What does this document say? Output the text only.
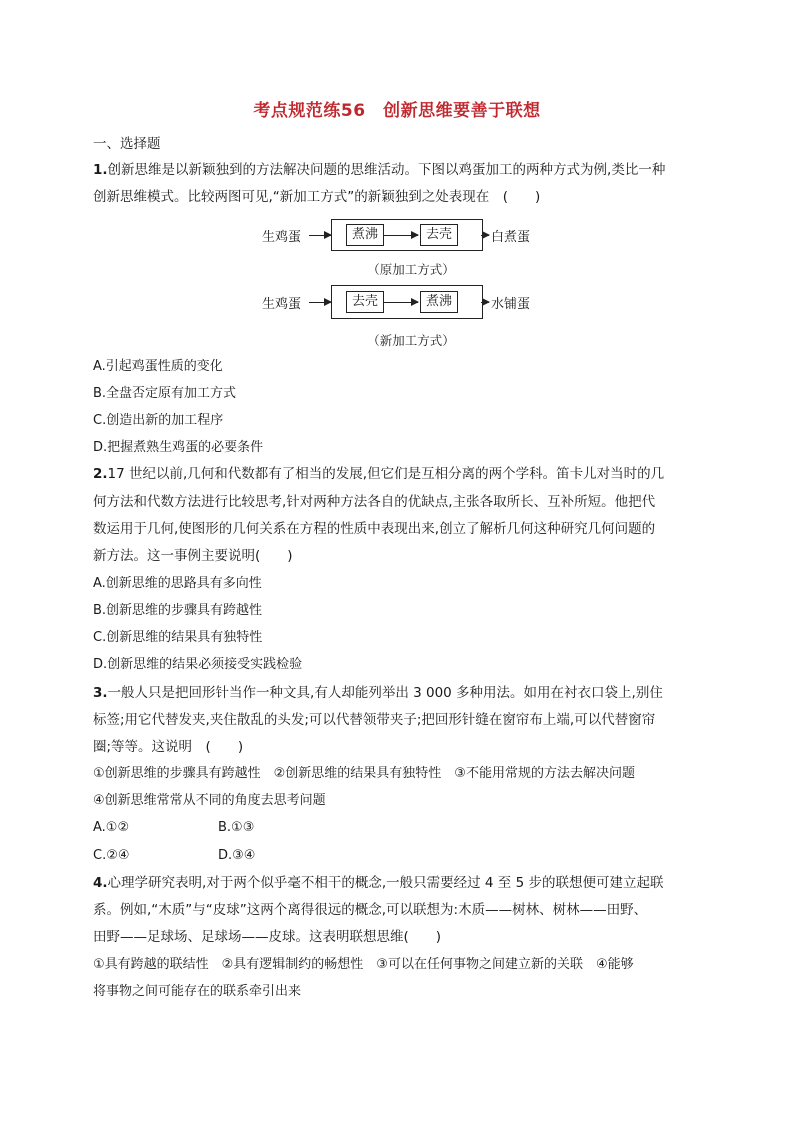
考点规范练56　创新思维要善于联想
一、选择题
1.创新思维是以新颖独到的方法解决问题的思维活动。下图以鸡蛋加工的两种方式为例,类比一种
创新思维模式。比较两图可见,“新加工方式”的新颖独到之处表现在　(　　)
生鸡蛋	煮沸	去壳	白煮蛋
（原加工方式）
生鸡蛋	去壳	煮沸	水铺蛋
（新加工方式）
A.引起鸡蛋性质的变化
B.全盘否定原有加工方式
C.创造出新的加工程序
D.把握煮熟生鸡蛋的必要条件
2.17 世纪以前,几何和代数都有了相当的发展,但它们是互相分离的两个学科。笛卡儿对当时的几
何方法和代数方法进行比较思考,针对两种方法各自的优缺点,主张各取所长、互补所短。他把代
数运用于几何,使图形的几何关系在方程的性质中表现出来,创立了解析几何这种研究几何问题的
新方法。这一事例主要说明(　　)
A.创新思维的思路具有多向性
B.创新思维的步骤具有跨越性
C.创新思维的结果具有独特性
D.创新思维的结果必须接受实践检验
3.一般人只是把回形针当作一种文具,有人却能列举出 3 000 多种用法。如用在衬衣口袋上,别住
标签;用它代替发夹,夹住散乱的头发;可以代替领带夹子;把回形针缝在窗帘布上端,可以代替窗帘
圈;等等。这说明　(　　)
①创新思维的步骤具有跨越性　②创新思维的结果具有独特性　③不能用常规的方法去解决问题
④创新思维常常从不同的角度去思考问题
A.①②	B.①③
C.②④	D.③④
4.心理学研究表明,对于两个似乎毫不相干的概念,一般只需要经过 4 至 5 步的联想便可建立起联
系。例如,“木质”与“皮球”这两个离得很远的概念,可以联想为:木质——树林、树林——田野、
田野——足球场、足球场——皮球。这表明联想思维(　　)
①具有跨越的联结性　②具有逻辑制约的畅想性　③可以在任何事物之间建立新的关联　④能够
将事物之间可能存在的联系牵引出来
